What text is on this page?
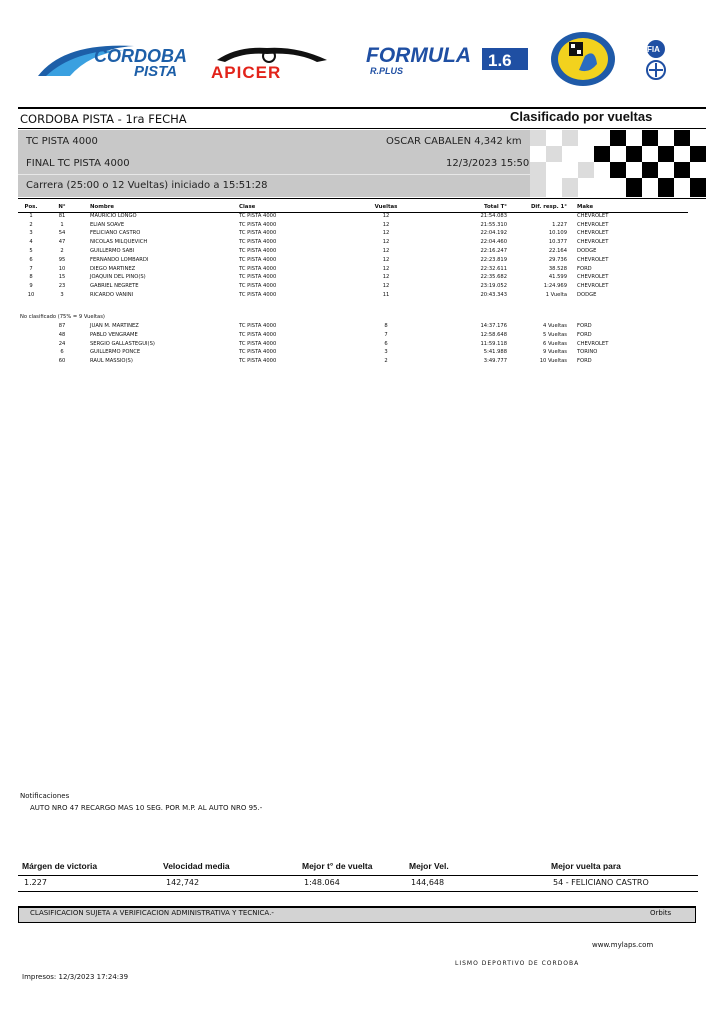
CORDOBA
PISTA APICER
FORMULA
R.PLUS
1.6
FIA
CORDOBA PISTA - 1ra FECHA	Clasificado por vueltas
TC PISTA 4000	OSCAR CABALEN 4,342 km
FINAL TC PISTA 4000	12/3/2023 15:50
Carrera (25:00 o 12 Vueltas) iniciado a 15:51:28
Pos.	N°	Nombre	Clase	Vueltas	Total T°	Dif. resp. 1°	Make
1	81	MAURICIO LONGO	TC PISTA 4000	12	21:54.083		CHEVROLET
2	1	ELIAN SOAVE	TC PISTA 4000	12	21:55.310	1.227	CHEVROLET
3	54	FELICIANO CASTRO	TC PISTA 4000	12	22:04.192	10.109	CHEVROLET
4	47	NICOLAS MILQUEVICH	TC PISTA 4000	12	22:04.460	10.377	CHEVROLET
5	2	GUILLERMO SABI	TC PISTA 4000	12	22:16.247	22.164	DODGE
6	95	FERNANDO LOMBARDI	TC PISTA 4000	12	22:23.819	29.736	CHEVROLET
7	10	DIEGO MARTINEZ	TC PISTA 4000	12	22:32.611	38.528	FORD
8	15	JOAQUIN DEL PINO(S)	TC PISTA 4000	12	22:35.682	41.599	CHEVROLET
9	23	GABRIEL NEGRETE	TC PISTA 4000	12	23:19.052	1:24.969	CHEVROLET
10	3	RICARDO VANINI	TC PISTA 4000	11	20:43.343	1 Vuelta	DODGE
No clasificado (75% = 9 Vueltas)
	87	JUAN M. MARTINEZ	TC PISTA 4000	8	14:37.176	4 Vueltas	FORD
	48	PABLO VENGRAME	TC PISTA 4000	7	12:58.648	5 Vueltas	FORD
	24	SERGIO GALLASTEGUI(S)	TC PISTA 4000	6	11:59.118	6 Vueltas	CHEVROLET
	6	GUILLERMO PONCE	TC PISTA 4000	3	5:41.988	9 Vueltas	TORINO
	60	RAUL MASSIO(S)	TC PISTA 4000	2	3:49.777	10 Vueltas	FORD
Notificaciones
AUTO NRO 47 RECARGO MAS 10 SEG. POR M.P. AL AUTO NRO 95.-
Márgen de victoria	Velocidad media	Mejor t° de vuelta	Mejor Vel.	Mejor vuelta para
1.227	142,742	1:48.064	144,648	54 - FELICIANO CASTRO
CLASIFICACION SUJETA A VERIFICACION ADMINISTRATIVA Y TECNICA.-	Orbits
www.mylaps.com
LISMO DEPORTIVO DE CORDOBA
Impresos: 12/3/2023 17:24:39
